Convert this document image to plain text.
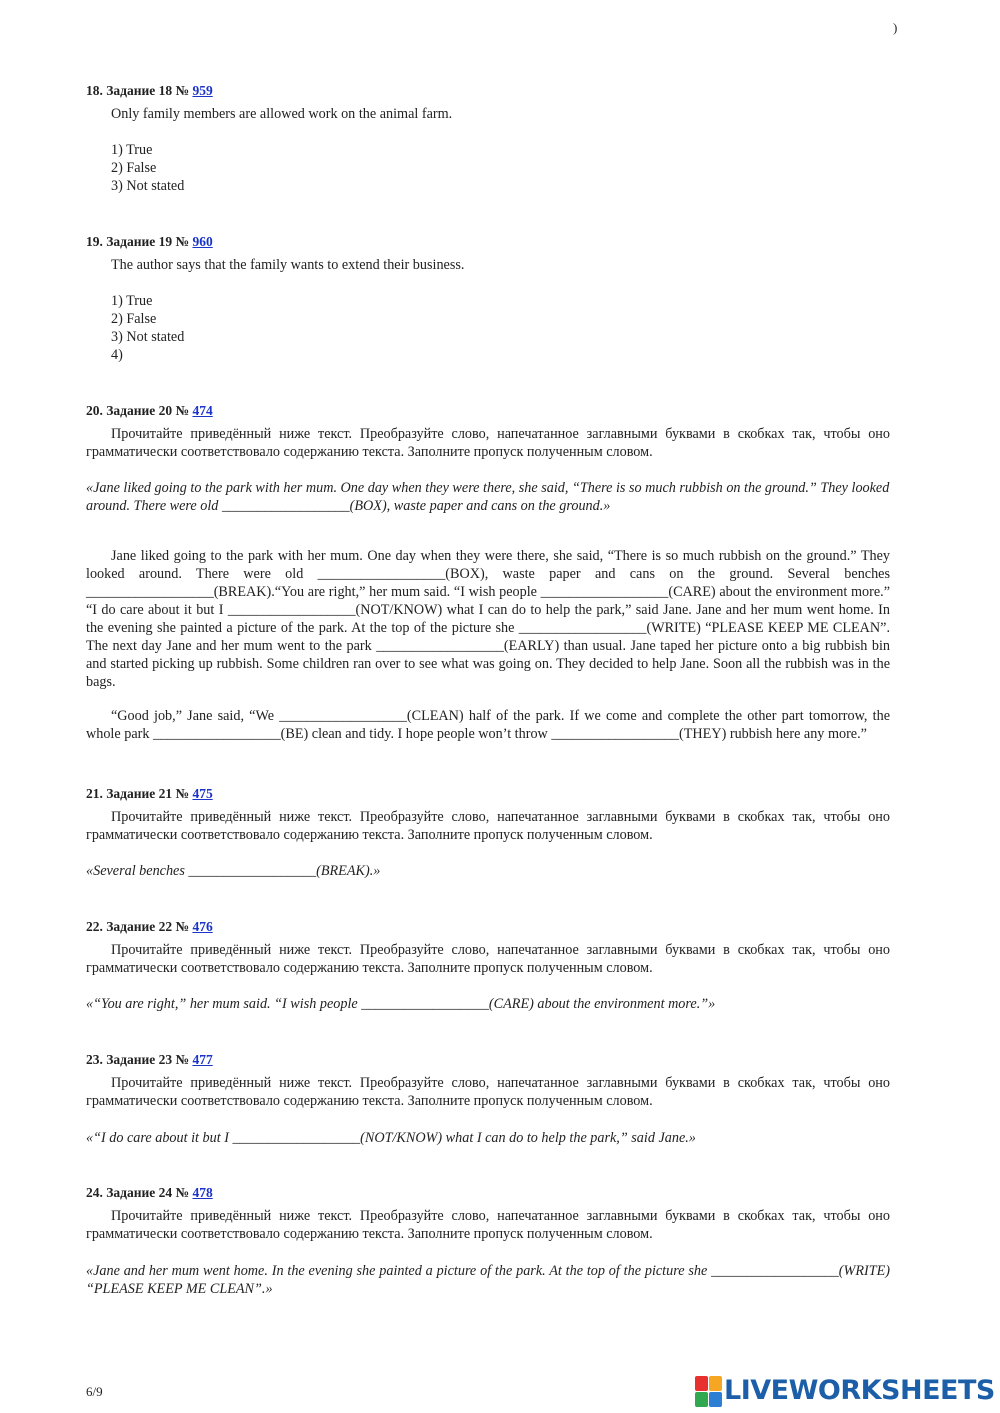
)
18. Задание 18 № 959
Only family members are allowed work on the animal farm.
1) True
2) False
3) Not stated
19. Задание 19 № 960
The author says that the family wants to extend their business.
1) True
2) False
3) Not stated
4)
20. Задание 20 № 474
Прочитайте приведённый ниже текст. Преобразуйте слово, напечатанное заглавными буквами в скобках так, чтобы оно грамматически соответствовало содержанию текста. Заполните пропуск полученным словом.
«Jane liked going to the park with her mum. One day when they were there, she said, “There is so much rubbish on the ground.” They looked around. There were old __________________(BOX), waste paper and cans on the ground.»
Jane liked going to the park with her mum. One day when they were there, she said, “There is so much rubbish on the ground.” They looked around. There were old __________________(BOX), waste paper and cans on the ground. Several benches __________________(BREAK).“You are right,” her mum said. “I wish people __________________(CARE) about the environment more.” “I do care about it but I __________________(NOT/KNOW) what I can do to help the park,” said Jane. Jane and her mum went home. In the evening she painted a picture of the park. At the top of the picture she __________________(WRITE) “PLEASE KEEP ME CLEAN”. The next day Jane and her mum went to the park __________________(EARLY) than usual. Jane taped her picture onto a big rubbish bin and started picking up rubbish. Some children ran over to see what was going on. They decided to help Jane. Soon all the rubbish was in the bags.
“Good job,” Jane said, “We __________________(CLEAN) half of the park. If we come and complete the other part tomorrow, the whole park __________________(BE) clean and tidy. I hope people won’t throw __________________(THEY) rubbish here any more.”
21. Задание 21 № 475
Прочитайте приведённый ниже текст. Преобразуйте слово, напечатанное заглавными буквами в скобках так, чтобы оно грамматически соответствовало содержанию текста. Заполните пропуск полученным словом.
«Several benches __________________(BREAK).»
22. Задание 22 № 476
Прочитайте приведённый ниже текст. Преобразуйте слово, напечатанное заглавными буквами в скобках так, чтобы оно грамматически соответствовало содержанию текста. Заполните пропуск полученным словом.
«“You are right,” her mum said. “I wish people __________________(CARE) about the environment more.”»
23. Задание 23 № 477
Прочитайте приведённый ниже текст. Преобразуйте слово, напечатанное заглавными буквами в скобках так, чтобы оно грамматически соответствовало содержанию текста. Заполните пропуск полученным словом.
«“I do care about it but I __________________(NOT/KNOW) what I can do to help the park,” said Jane.»
24. Задание 24 № 478
Прочитайте приведённый ниже текст. Преобразуйте слово, напечатанное заглавными буквами в скобках так, чтобы оно грамматически соответствовало содержанию текста. Заполните пропуск полученным словом.
«Jane and her mum went home. In the evening she painted a picture of the park. At the top of the picture she __________________(WRITE) “PLEASE KEEP ME CLEAN”.»
6/9	LIVEWORKSHEETS
